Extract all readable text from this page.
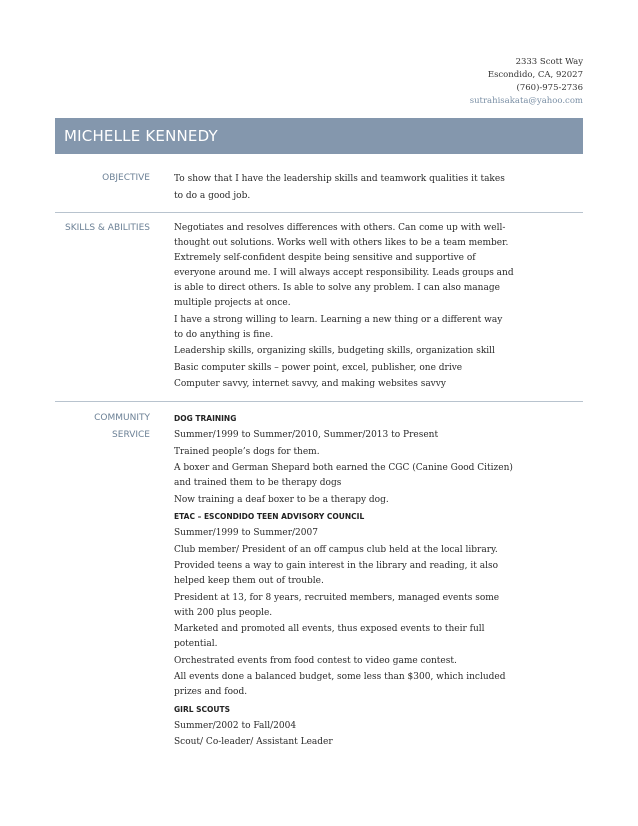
2333 Scott Way
Escondido, CA, 92027
(760)-975-2736
sutrahisakata@yahoo.com
MICHELLE KENNEDY
OBJECTIVE	To show that I have the leadership skills and teamwork qualities it takes to do a good job.

SKILLS & ABILITIES	Negotiates and resolves differences with others. Can come up with well-thought out solutions. Works well with others likes to be a team member. Extremely self-confident despite being sensitive and supportive of everyone around me. I will always accept responsibility. Leads groups and is able to direct others. Is able to solve any problem. I can also manage multiple projects at once.

I have a strong willing to learn. Learning a new thing or a different way to do anything is fine.

Leadership skills, organizing skills, budgeting skills, organization skill

Basic computer skills – power point, excel, publisher, one drive

Computer savvy, internet savvy, and making websites savvy

COMMUNITY
SERVICE
DOG TRAINING

Summer/1999 to Summer/2010, Summer/2013 to Present

Trained people’s dogs for them.

A boxer and German Shepard both earned the CGC (Canine Good Citizen) and trained them to be therapy dogs

Now training a deaf boxer to be a therapy dog.

ETAC – ESCONDIDO TEEN ADVISORY COUNCIL

Summer/1999 to Summer/2007

Club member/ President of an off campus club held at the local library.

Provided teens a way to gain interest in the library and reading, it also helped keep them out of trouble.

President at 13, for 8 years, recruited members, managed events some with 200 plus people.

Marketed and promoted all events, thus exposed events to their full potential.

Orchestrated events from food contest to video game contest.

All events done a balanced budget, some less than $300, which included prizes and food.

GIRL SCOUTS

Summer/2002 to Fall/2004

Scout/ Co-leader/ Assistant Leader
